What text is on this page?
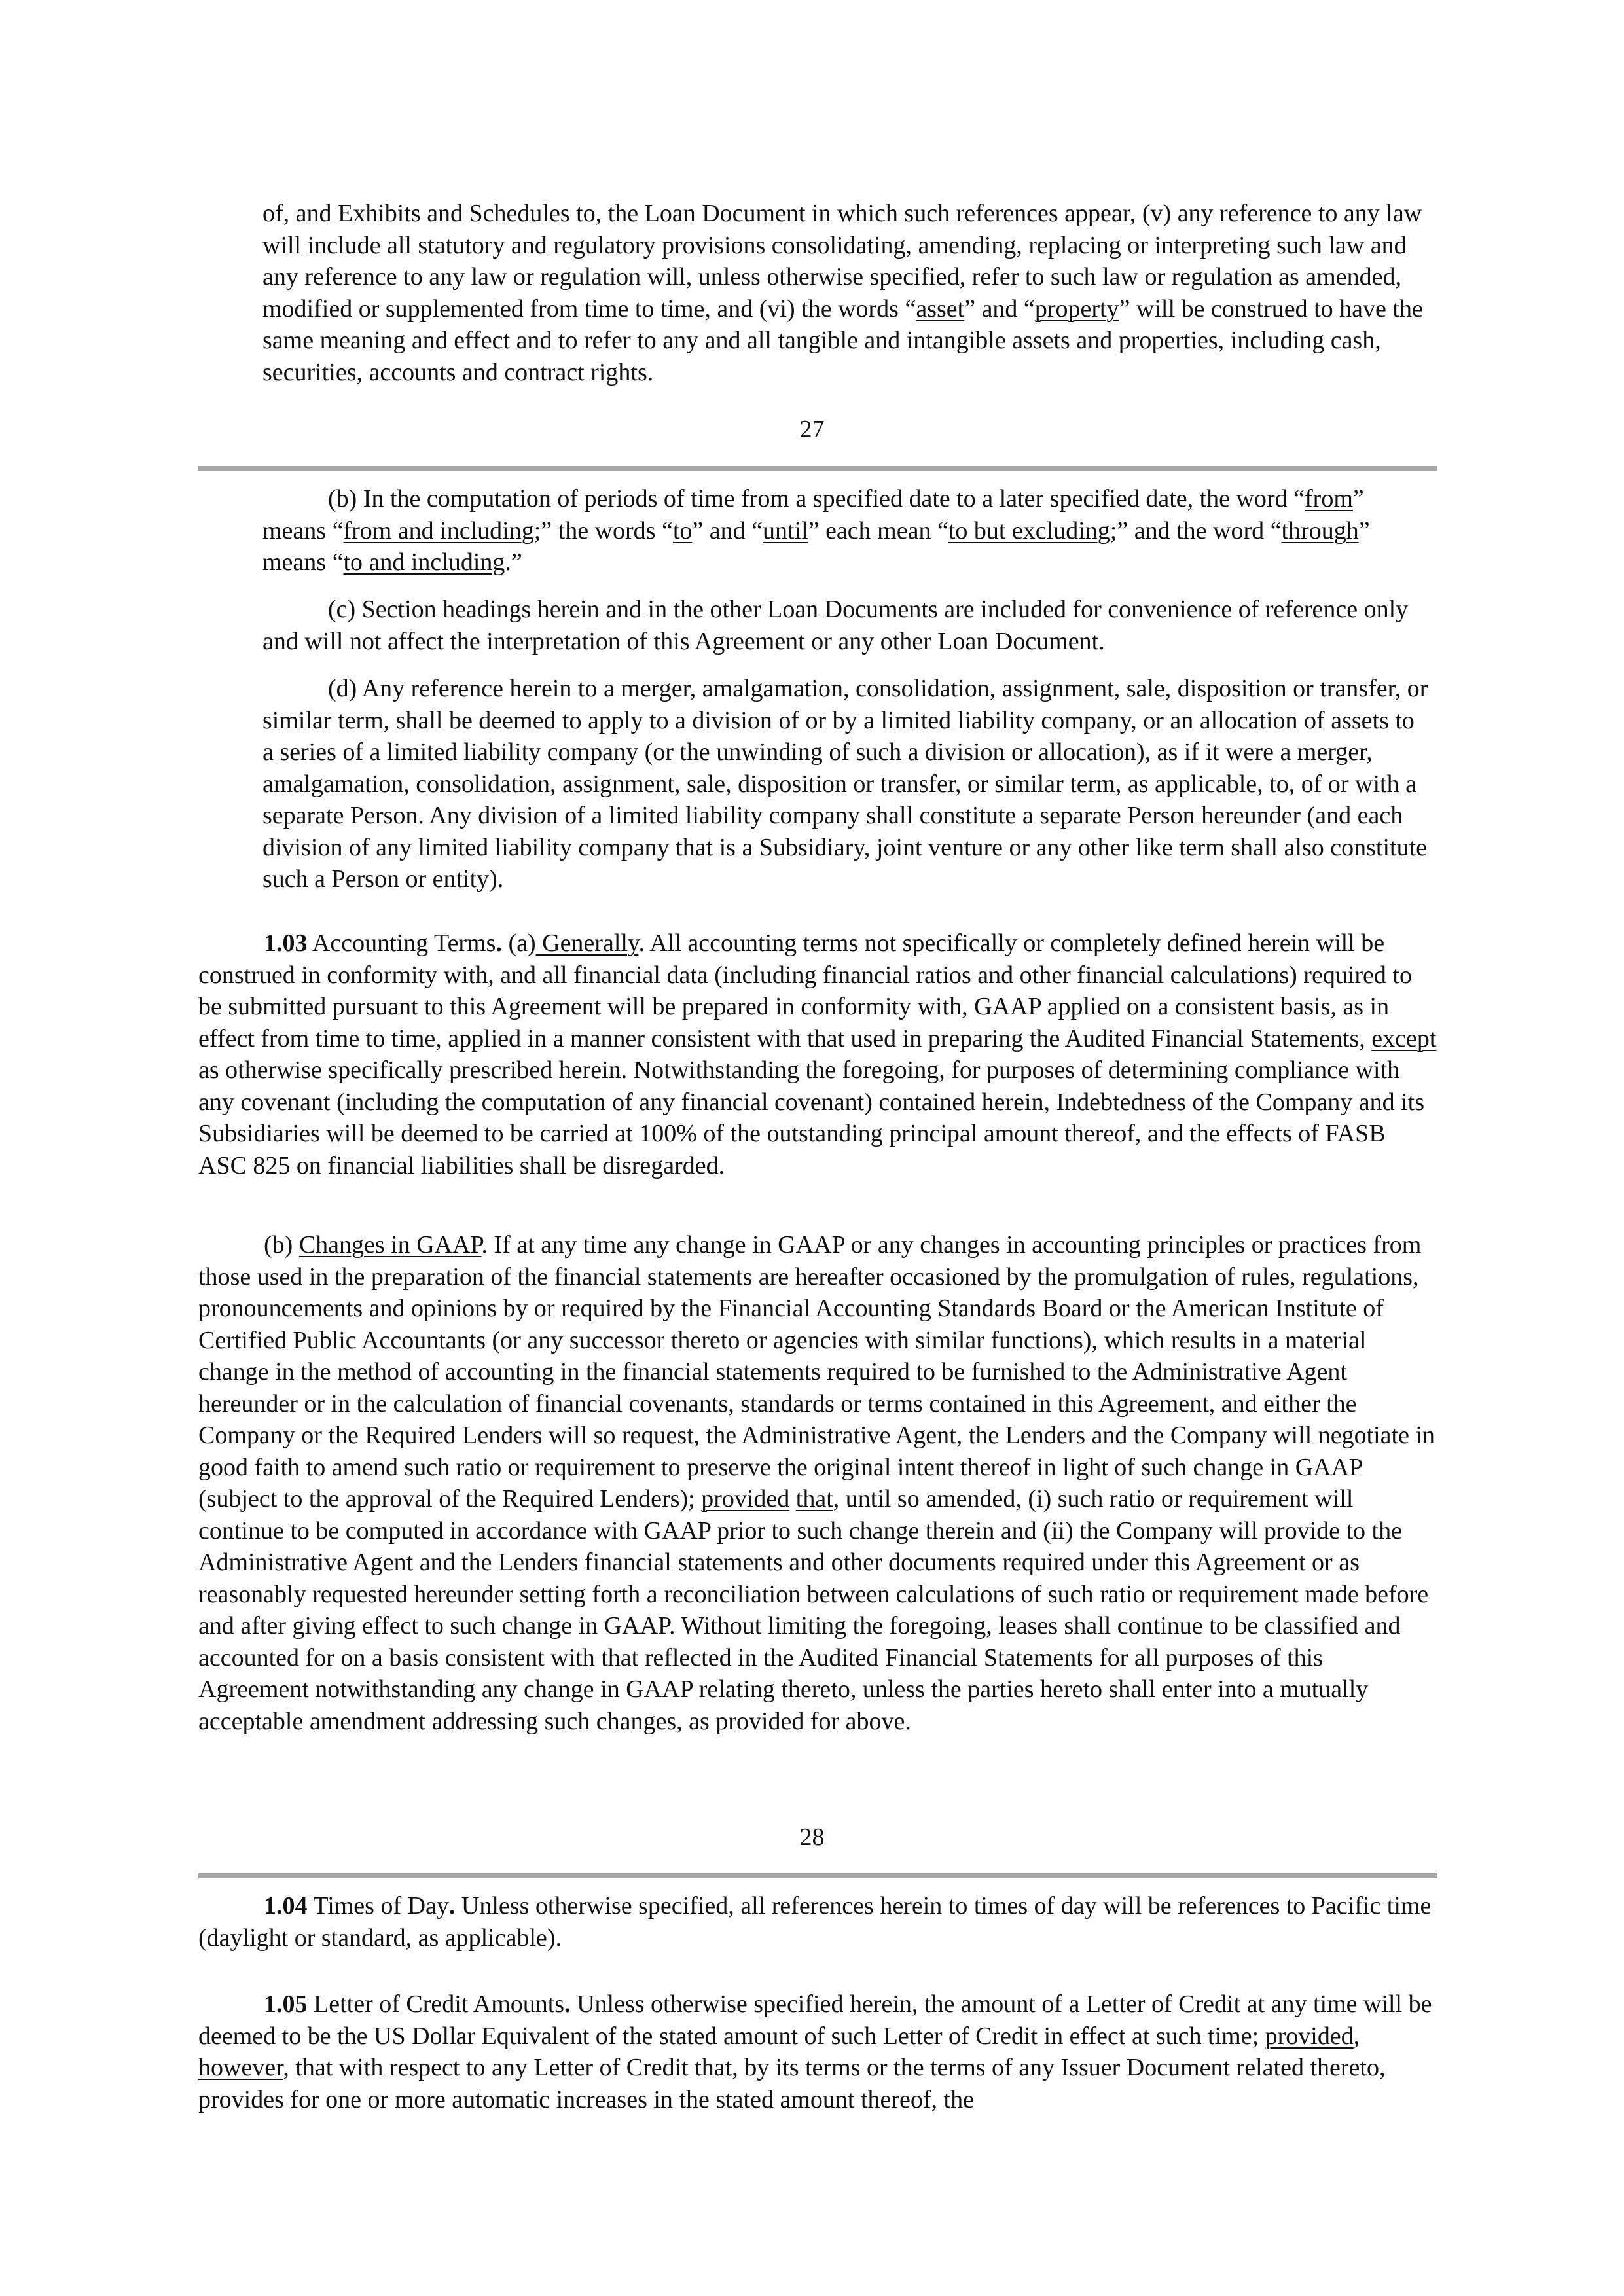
of, and Exhibits and Schedules to, the Loan Document in which such references appear, (v) any reference to any law will include all statutory and regulatory provisions consolidating, amending, replacing or interpreting such law and any reference to any law or regulation will, unless otherwise specified, refer to such law or regulation as amended, modified or supplemented from time to time, and (vi) the words “asset” and “property” will be construed to have the same meaning and effect and to refer to any and all tangible and intangible assets and properties, including cash, securities, accounts and contract rights.

27

(b) In the computation of periods of time from a specified date to a later specified date, the word “from” means “from and including;” the words “to” and “until” each mean “to but excluding;” and the word “through” means “to and including.”

(c) Section headings herein and in the other Loan Documents are included for convenience of reference only and will not affect the interpretation of this Agreement or any other Loan Document.

(d) Any reference herein to a merger, amalgamation, consolidation, assignment, sale, disposition or transfer, or similar term, shall be deemed to apply to a division of or by a limited liability company, or an allocation of assets to a series of a limited liability company (or the unwinding of such a division or allocation), as if it were a merger, amalgamation, consolidation, assignment, sale, disposition or transfer, or similar term, as applicable, to, of or with a separate Person. Any division of a limited liability company shall constitute a separate Person hereunder (and each division of any limited liability company that is a Subsidiary, joint venture or any other like term shall also constitute such a Person or entity).

1.03 Accounting Terms. (a) Generally. All accounting terms not specifically or completely defined herein will be construed in conformity with, and all financial data (including financial ratios and other financial calculations) required to be submitted pursuant to this Agreement will be prepared in conformity with, GAAP applied on a consistent basis, as in effect from time to time, applied in a manner consistent with that used in preparing the Audited Financial Statements, except as otherwise specifically prescribed herein. Notwithstanding the foregoing, for purposes of determining compliance with any covenant (including the computation of any financial covenant) contained herein, Indebtedness of the Company and its Subsidiaries will be deemed to be carried at 100% of the outstanding principal amount thereof, and the effects of FASB ASC 825 on financial liabilities shall be disregarded.

(b) Changes in GAAP. If at any time any change in GAAP or any changes in accounting principles or practices from those used in the preparation of the financial statements are hereafter occasioned by the promulgation of rules, regulations, pronouncements and opinions by or required by the Financial Accounting Standards Board or the American Institute of Certified Public Accountants (or any successor thereto or agencies with similar functions), which results in a material change in the method of accounting in the financial statements required to be furnished to the Administrative Agent hereunder or in the calculation of financial covenants, standards or terms contained in this Agreement, and either the Company or the Required Lenders will so request, the Administrative Agent, the Lenders and the Company will negotiate in good faith to amend such ratio or requirement to preserve the original intent thereof in light of such change in GAAP (subject to the approval of the Required Lenders); provided that, until so amended, (i) such ratio or requirement will continue to be computed in accordance with GAAP prior to such change therein and (ii) the Company will provide to the Administrative Agent and the Lenders financial statements and other documents required under this Agreement or as reasonably requested hereunder setting forth a reconciliation between calculations of such ratio or requirement made before and after giving effect to such change in GAAP. Without limiting the foregoing, leases shall continue to be classified and accounted for on a basis consistent with that reflected in the Audited Financial Statements for all purposes of this Agreement notwithstanding any change in GAAP relating thereto, unless the parties hereto shall enter into a mutually acceptable amendment addressing such changes, as provided for above.

28

1.04 Times of Day. Unless otherwise specified, all references herein to times of day will be references to Pacific time (daylight or standard, as applicable).

1.05 Letter of Credit Amounts. Unless otherwise specified herein, the amount of a Letter of Credit at any time will be deemed to be the US Dollar Equivalent of the stated amount of such Letter of Credit in effect at such time; provided, however, that with respect to any Letter of Credit that, by its terms or the terms of any Issuer Document related thereto, provides for one or more automatic increases in the stated amount thereof, the
